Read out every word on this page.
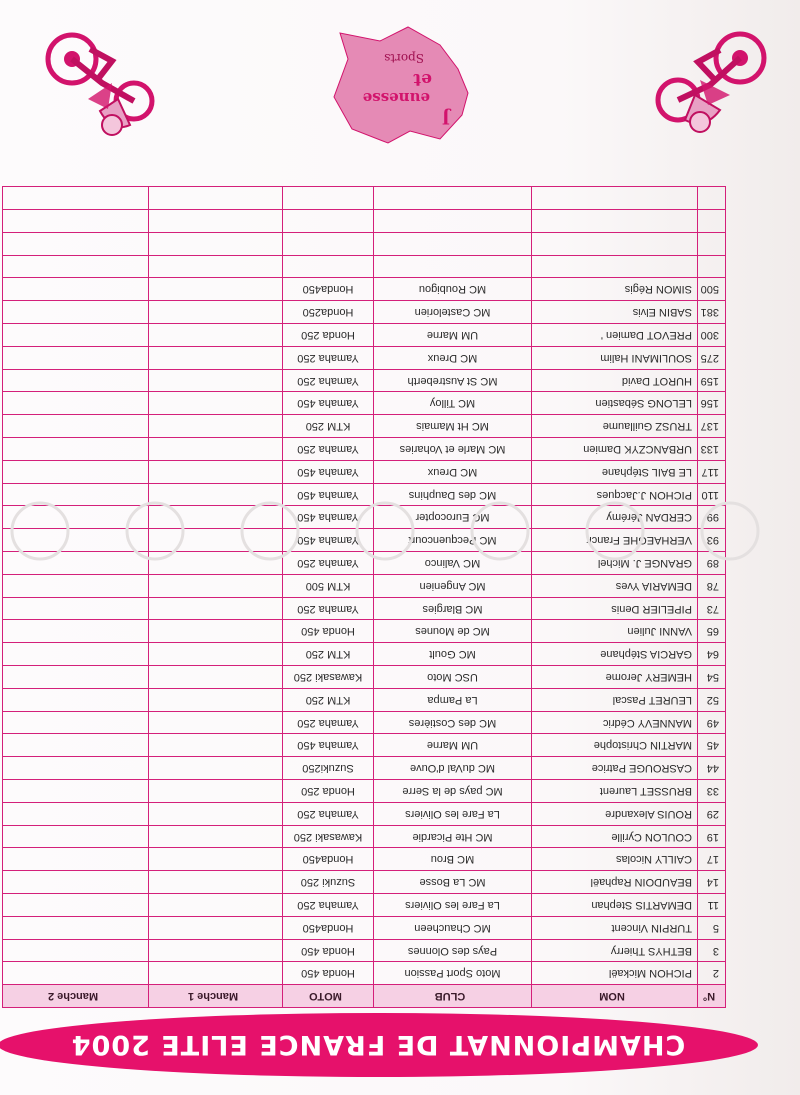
CHAMPIONNAT DE FRANCE ELITE 2004
N°	NOM	CLUB	MOTO	Manche 1	Manche 2
2	PICHON Mickaël	Moto Sport Passion	Honda 450		
3	BETHYS Thierry	Pays des Olonnes	Honda 450		
5	TURPIN Vincent	MC Chaucheen	Honda450		
11	DEMARTIS Stephan	La Fare les Oliviers	Yamaha 250		
14	BEAUDOIN Raphaël	MC La Bosse	Suzuki 250		
17	CAILLY Nicolas	MC Brou	Honda450		
19	COULON Cyrille	MC Hte Picardie	Kawasaki 250		
29	ROUIS Alexandre	La Fare les Oliviers	Yamaha 250		
33	BRUSSET Laurent	MC pays de la Serre	Honda 250		
44	CASROUGE Patrice	MC duVal d'Ouve	Suzuki250		
45	MARTIN Christophe	UM Marne	Yamaha 450		
49	MANNEVY Cédric	MC des Costières	Yamaha 250		
52	LEURET Pascal	La Pampa	KTM 250		
54	HEMERY Jerome	USC Moto	Kawasaki 250		
64	GARCIA Stéphane	MC Goult	KTM 250		
65	VANNI Julien	MC de Mounes	Honda 450		
73	PIPELIER Denis	MC Blargies	Yamaha 250		
78	DEMARIA Yves	MC Angenien	KTM 500		
89	GRANGE J. Michel	MC Valinco	Yamaha 250		
93	VERHAEGHE Franck	MC Pecquencourt	Yamaha 450		
99	CERDAN Jérémy	MC Eurocopter	Yamaha 450		
110	PICHON J.Jacques	MC des Dauphins	Yamaha 450		
117	LE BAIL Stéphane	MC Dreux	Yamaha 450		
133	URBANCZYK Damien	MC Marle et Voharies	Yamaha 250		
137	TRUSZ Guillaume	MC Ht Mamais	KTM 250		
156	LELONG Sébastien	MC Tilloy	Yamaha 450		
159	HUROT David	MC St Austreberth	Yamaha 250		
275	SOULIMANI Halim	MC Dreux	Yamaha 250		
300	PREVOT Damien '	UM Marne	Honda 250		
381	SABIN Elvis	MC Castelorien	Honda250		
500	SIMON Régis	MC Roubigou	Honda450		

J
eunesse
et
Sports
